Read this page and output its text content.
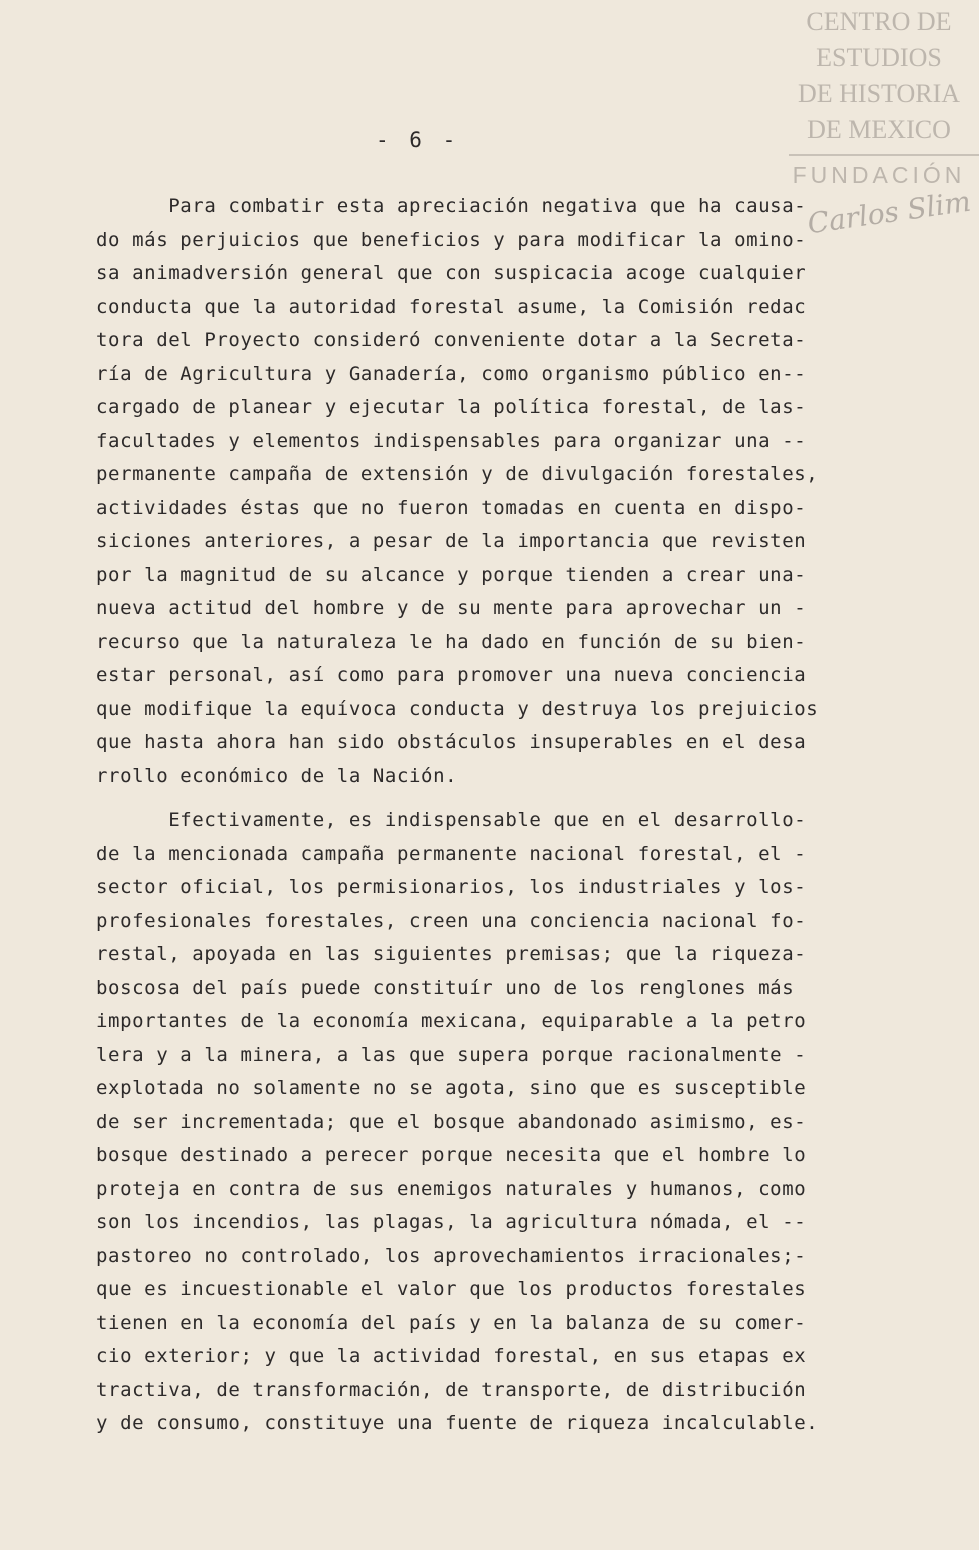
CENTRO DE
ESTUDIOS
DE HISTORIA
DE MEXICO
FUNDACIÓN
Carlos Slim
- 6 -
Para combatir esta apreciación negativa que ha causa-
do más perjuicios que beneficios y para modificar la omino-
sa animadversión general que con suspicacia acoge cualquier
conducta que la autoridad forestal asume, la Comisión redac
tora del Proyecto consideró conveniente dotar a la Secreta-
ría de Agricultura y Ganadería, como organismo público en--
cargado de planear y ejecutar la política forestal, de las-
facultades y elementos indispensables para organizar una --
permanente campaña de extensión y de divulgación forestales,
actividades éstas que no fueron tomadas en cuenta en dispo-
siciones anteriores, a pesar de la importancia que revisten
por la magnitud de su alcance y porque tienden a crear una-
nueva actitud del hombre y de su mente para aprovechar un -
recurso que la naturaleza le ha dado en función de su bien-
estar personal, así como para promover una nueva conciencia
que modifique la equívoca conducta y destruya los prejuicios
que hasta ahora han sido obstáculos insuperables en el desa
rrollo económico de la Nación.
Efectivamente, es indispensable que en el desarrollo-
de la mencionada campaña permanente nacional forestal, el -
sector oficial, los permisionarios, los industriales y los-
profesionales forestales, creen una conciencia nacional fo-
restal, apoyada en las siguientes premisas; que la riqueza-
boscosa del país puede constituír uno de los renglones más
importantes de la economía mexicana, equiparable a la petro
lera y a la minera, a las que supera porque racionalmente -
explotada no solamente no se agota, sino que es susceptible
de ser incrementada; que el bosque abandonado asimismo, es-
bosque destinado a perecer porque necesita que el hombre lo
proteja en contra de sus enemigos naturales y humanos, como
son los incendios, las plagas, la agricultura nómada, el --
pastoreo no controlado, los aprovechamientos irracionales;-
que es incuestionable el valor que los productos forestales
tienen en la economía del país y en la balanza de su comer-
cio exterior; y que la actividad forestal, en sus etapas ex
tractiva, de transformación, de transporte, de distribución
y de consumo, constituye una fuente de riqueza incalculable.
